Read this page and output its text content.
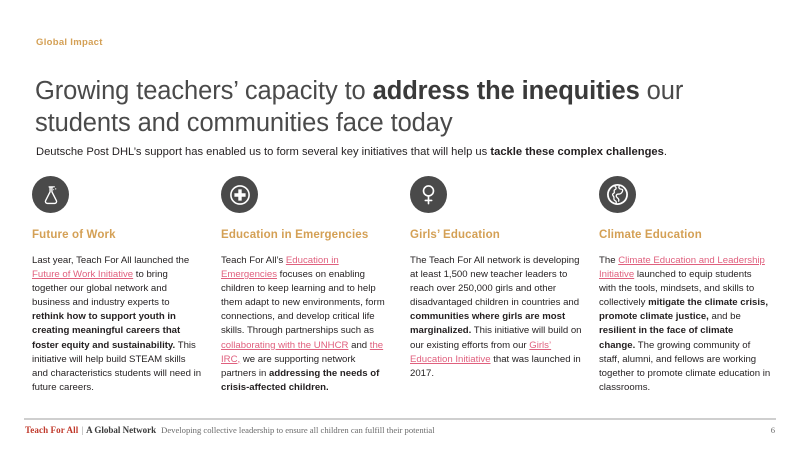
Global Impact
Growing teachers’ capacity to address the inequities our students and communities face today

Deutsche Post DHL’s support has enabled us to form several key initiatives that will help us tackle these complex challenges.

Future of Work
Last year, Teach For All launched the Future of Work Initiative to bring together our global network and business and industry experts to rethink how to support youth in creating meaningful careers that foster equity and sustainability. This initiative will help build STEAM skills and characteristics students will need in future careers.
Education in Emergencies
Teach For All’s Education in Emergencies focuses on enabling children to keep learning and to help them adapt to new environments, form connections, and develop critical life skills. Through partnerships such as collaborating with the UNHCR and the IRC, we are supporting network partners in addressing the needs of crisis-affected children.
Girls’ Education
The Teach For All network is developing at least 1,500 new teacher leaders to reach over 250,000 girls and other disadvantaged children in countries and communities where girls are most marginalized. This initiative will build on our existing efforts from our Girls’ Education Initiative that was launched in 2017.
Climate Education
The Climate Education and Leadership Initiative launched to equip students with the tools, mindsets, and skills to collectively mitigate the climate crisis, promote climate justice, and be resilient in the face of climate change. The growing community of staff, alumni, and fellows are working together to promote climate education in classrooms.
Teach For All | A Global Network Developing collective leadership to ensure all children can fulfill their potential	6
